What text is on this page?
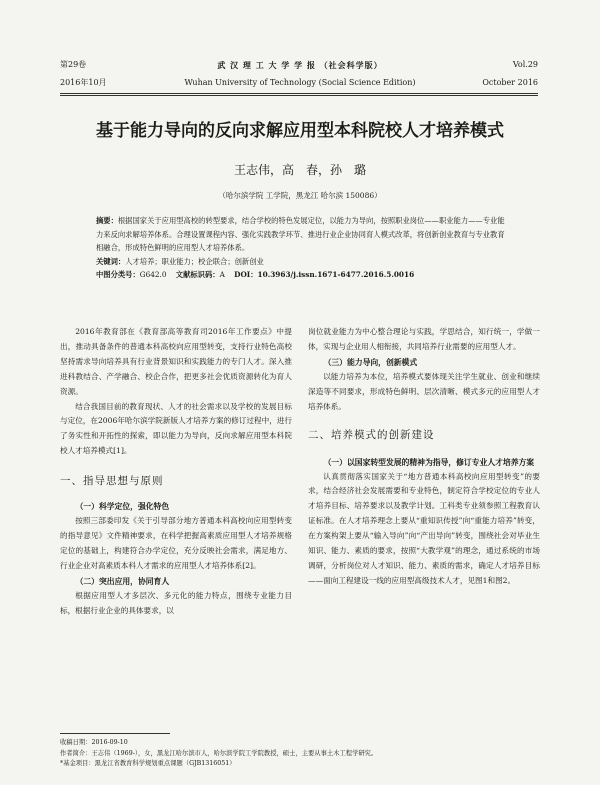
第29卷
2016年10月
武 汉 理 工 大 学 学 报 （社会科学版）
Wuhan University of Technology (Social Science Edition)
Vol.29
October 2016
基于能力导向的反向求解应用型本科院校人才培养模式
王志伟，高　春，孙　璐
（哈尔滨学院 工学院，黑龙江 哈尔滨 150086）

摘要：根据国家关于应用型高校的转型要求，结合学校的特色发展定位，以能力为导向，按照职业岗位——职业能力——专业能力来反向求解培养体系。合理设置课程内容、强化实践教学环节、推进行业企业协同育人模式改革，将创新创业教育与专业教育相融合，形成特色鲜明的应用型人才培养体系。

关键词：人才培养；职业能力；校企联合；创新创业

中图分类号：G642.0 文献标识码：A DOI：10.3963/j.issn.1671-6477.2016.5.0016

2016年教育部在《教育部高等教育司2016年工作要点》中提出，推动具备条件的普通本科高校向应用型转变，支持行业特色高校坚持需求导向培养具有行业背景知识和实践能力的专门人才。深入推进科教结合、产学融合、校企合作，把更多社会优质资源转化为育人资源。

结合我国目前的教育现状、人才的社会需求以及学校的发展目标与定位，在2006年哈尔滨学院新版人才培养方案的修订过程中，进行了务实性和开拓性的探索，即以能力为导向，反向求解应用型本科院校人才培养模式[1]。

一、指导思想与原则
（一）科学定位，强化特色

按照三部委印发《关于引导部分地方普通本科高校向应用型转变的指导意见》文件精神要求，在科学把握高素质应用型人才培养规格定位的基础上，构建符合办学定位，充分反映社会需求，满足地方、行业企业对高素质本科人才需求的应用型人才培养体系[2]。

（二）突出应用，协同育人

根据应用型人才多层次、多元化的能力特点，围绕专业能力目标，根据行业企业的具体要求，以

岗位就业能力为中心整合理论与实践，学思结合，知行统一，学做一体，实现与企业用人相衔接，共同培养行业需要的应用型人才。

（三）能力导向，创新模式

以能力培养为本位，培养模式要体现关注学生就业、创业和继续深造等不同要求，形成特色鲜明、层次清晰、模式多元的应用型人才培养体系。

二、培养模式的创新建设
（一）以国家转型发展的精神为指导，修订专业人才培养方案

认真贯彻落实国家关于“地方普通本科高校向应用型转变”的要求，结合经济社会发展需要和专业特色，制定符合学校定位的专业人才培养目标、培养要求以及教学计划。工科类专业须参照工程教育认证标准。在人才培养理念上要从“重知识传授”向“重能力培养”转变，在方案构架上要从“输入导向”向“产出导向”转变，围绕社会对毕业生知识、能力、素质的要求，按照“大教学观”的理念，通过系统的市场调研，分析岗位对人才知识、能力、素质的需求，确定人才培养目标——面向工程建设一线的应用型高级技术人才，见图1和图2。

收稿日期：2016-09-10

作者简介：王志伟（1969-），女，黑龙江哈尔滨市人，哈尔滨学院工学院教授，硕士，主要从事土木工程学研究。

*基金项目：黑龙江省教育科学规划重点课题（GJB1316051）
